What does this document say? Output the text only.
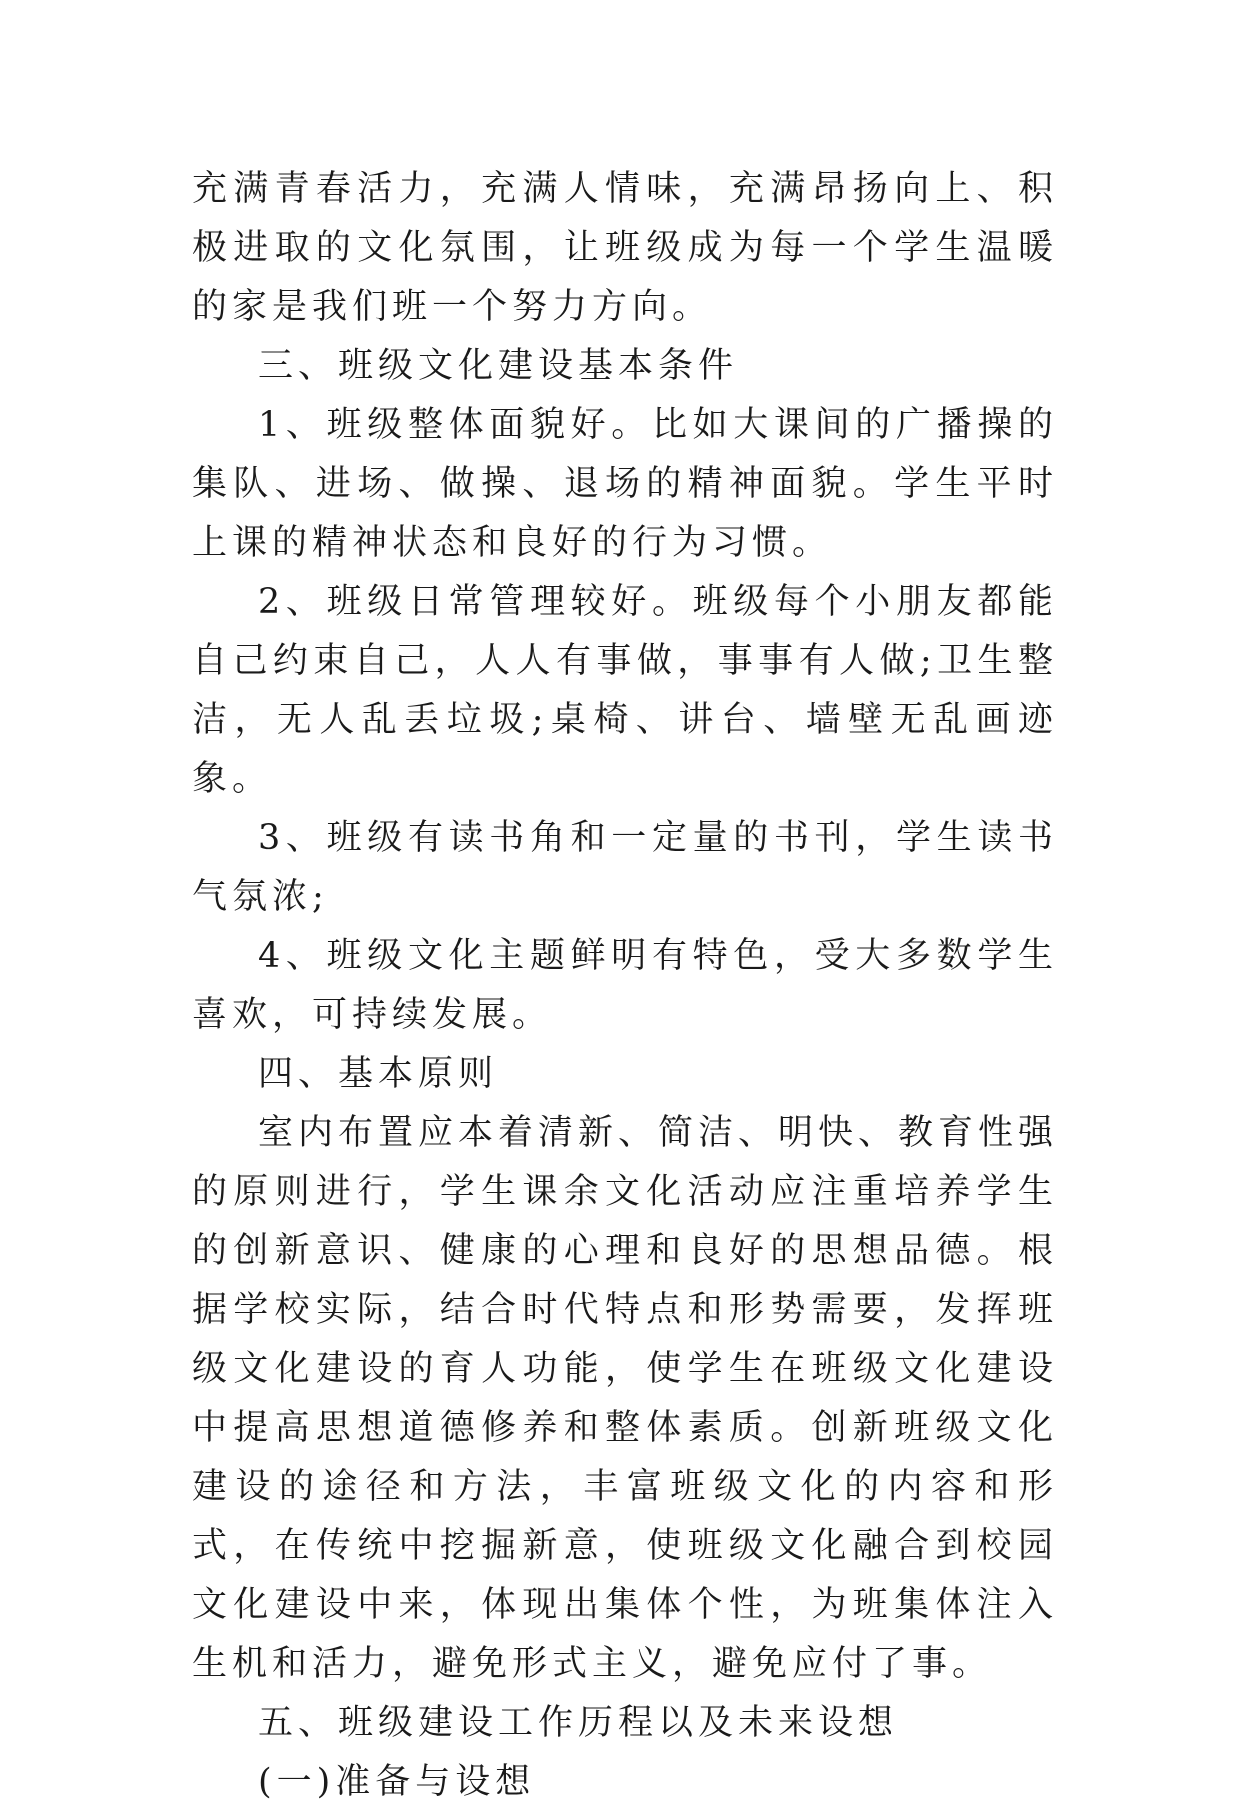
充满青春活力，充满人情味，充满昂扬向上、积极进取的文化氛围，让班级成为每一个学生温暖的家是我们班一个努力方向。

三、班级文化建设基本条件

1、班级整体面貌好。比如大课间的广播操的集队、进场、做操、退场的精神面貌。学生平时上课的精神状态和良好的行为习惯。

2、班级日常管理较好。班级每个小朋友都能自己约束自己，人人有事做，事事有人做;卫生整洁，无人乱丢垃圾;桌椅、讲台、墙壁无乱画迹象。

3、班级有读书角和一定量的书刊，学生读书气氛浓;

4、班级文化主题鲜明有特色，受大多数学生喜欢，可持续发展。

四、基本原则

室内布置应本着清新、简洁、明快、教育性强的原则进行，学生课余文化活动应注重培养学生的创新意识、健康的心理和良好的思想品德。根据学校实际，结合时代特点和形势需要，发挥班级文化建设的育人功能，使学生在班级文化建设中提高思想道德修养和整体素质。创新班级文化建设的途径和方法，丰富班级文化的内容和形式，在传统中挖掘新意，使班级文化融合到校园文化建设中来，体现出集体个性，为班集体注入生机和活力，避免形式主义，避免应付了事。

五、班级建设工作历程以及未来设想

(一)准备与设想
